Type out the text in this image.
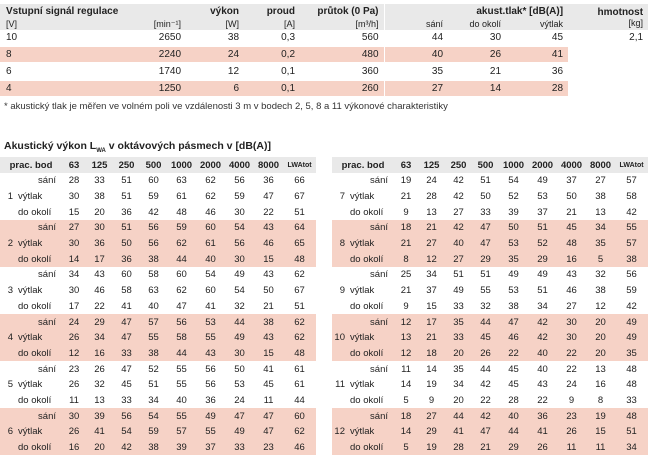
Vstupní signál regulace		výkon	proud	průtok (0 Pa)	akust.tlak* [dB(A)]			hmotnost
[kg]

[V]	[min⁻¹]	[W]	[A]	[m³/h]	sání	do okolí	výtlak	
10	2650	38	0,3	560	44	30	45	2,1

8	2240	24	0,2	480	40	26	41	

6	1740	12	0,1	360	35	21	36	

4	1250	6	0,1	260	27	14	28	
* akustický tlak je měřen ve volném poli ve vzdálenosti 3 m v bodech 2, 5, 8 a 11 výkonové charakteristiky
Akustický výkon $L_{WA}$ v oktávových pásmech v [dB(A)]
prac. bod		63	125	250	500	1000	2000	4000	8000	LWAtot
	sání	28	33	51	60	63	62	56	36	66
1	výtlak	30	38	51	59	61	62	59	47	67
	do okolí	15	20	36	42	48	46	30	22	51
	sání	27	30	51	56	59	60	54	43	64
2	výtlak	30	36	50	56	62	61	56	46	65
	do okolí	14	17	36	38	44	40	30	15	48
	sání	34	43	60	58	60	54	49	43	62
3	výtlak	30	46	58	63	62	60	54	50	67
	do okolí	17	22	41	40	47	41	32	21	51
	sání	24	29	47	57	56	53	44	38	62
4	výtlak	26	34	47	55	58	55	49	43	62
	do okolí	12	16	33	38	44	43	30	15	48
	sání	23	26	47	52	55	56	50	41	61
5	výtlak	26	32	45	51	55	56	53	45	61
	do okolí	11	13	33	34	40	36	24	11	44
	sání	30	39	56	54	55	49	47	47	60
6	výtlak	26	41	54	59	57	55	49	47	62
	do okolí	16	20	42	38	39	37	33	23	46
prac. bod		63	125	250	500	1000	2000	4000	8000	LWAtot
	sání	19	24	42	51	54	49	37	27	57
7	výtlak	21	28	42	50	52	53	50	38	58
	do okolí	9	13	27	33	39	37	21	13	42
	sání	18	21	42	47	50	51	45	34	55
8	výtlak	21	27	40	47	53	52	48	35	57
	do okolí	8	12	27	29	35	29	16	5	38
	sání	25	34	51	51	49	49	43	32	56
9	výtlak	21	37	49	55	53	51	46	38	59
	do okolí	9	15	33	32	38	34	27	12	42
	sání	12	17	35	44	47	42	30	20	49
10	výtlak	13	21	33	45	46	42	30	20	49
	do okolí	12	18	20	26	22	40	22	20	35
	sání	11	14	35	44	45	40	22	13	48
11	výtlak	14	19	34	42	45	43	24	16	48
	do okolí	5	9	20	22	28	22	9	8	33
	sání	18	27	44	42	40	36	23	19	48
12	výtlak	14	29	41	47	44	41	26	15	51
	do okolí	5	19	28	21	29	26	11	11	34
